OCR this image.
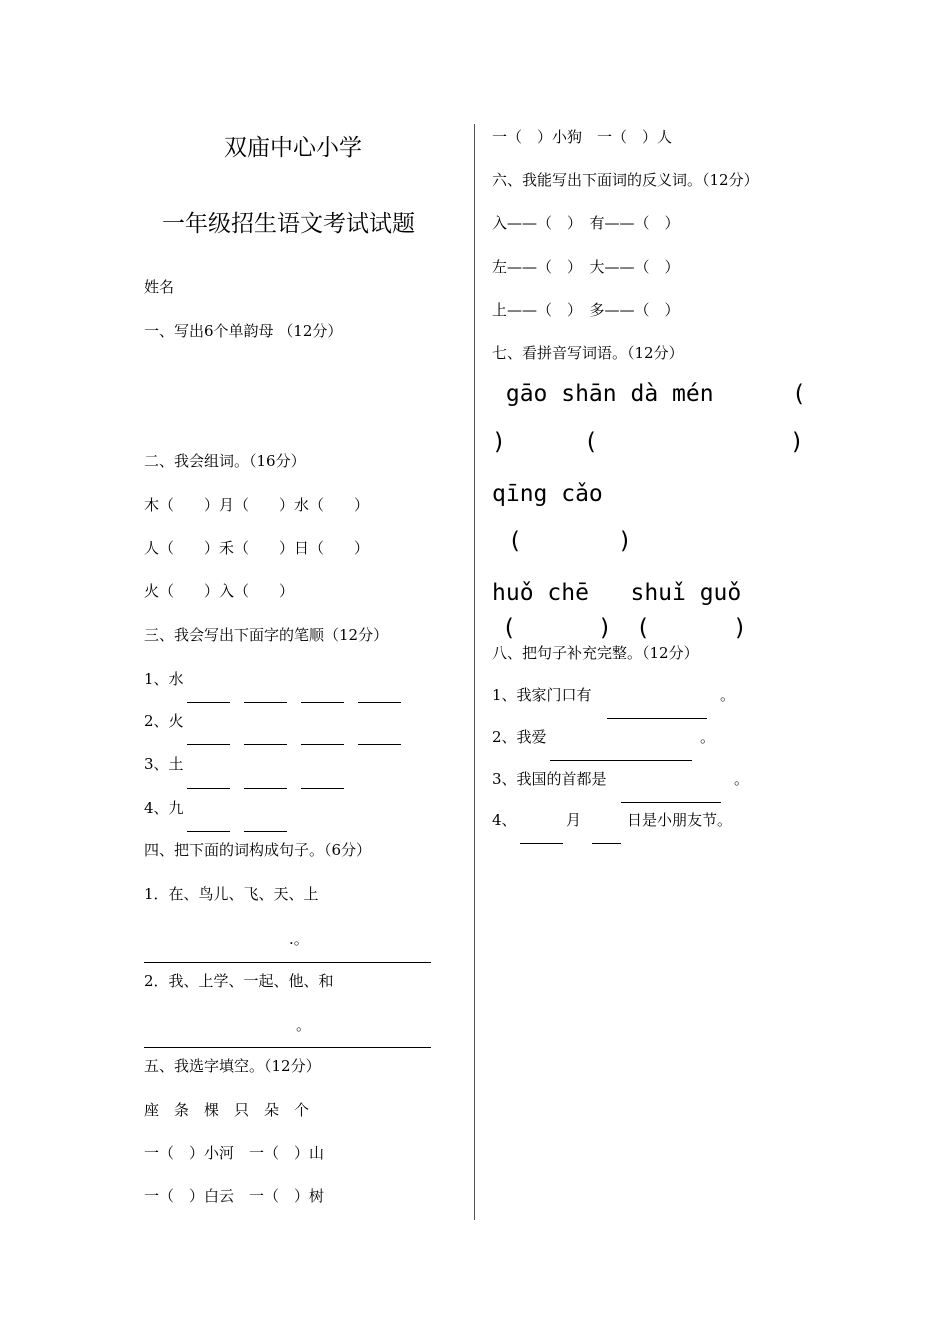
双庙中心小学
一年级招生语文考试试题
姓名
一、写出6个单韵母 （12分）
二、我会组词。（16分）
木（　　）月（　　）水（　　）
人（　　）禾（　　）日（　　）
火（　　）入（　　）
三、我会写出下面字的笔顺（12分）
1、水
2、火
3、土
4、九
四、把下面的词构成句子。（6分）
1．在、鸟儿、飞、天、上
.。
2．我、上学、一起、他、和
。
五、我选字填空。（12分）
座　条　棵　只　朵　个
一（　）小河　一（　）山
一（　）白云　一（　）树
一（　）小狗　一（　）人
六、我能写出下面词的反义词。（12分）
入——（　）　有——（　）
左——（　）　大——（　）
上——（　）　多——（　）
七、看拼音写词语。（12分）
gāo shān dà mén	(
)	(	)
qīng cǎo
(	)
huǒ chē   shuǐ guǒ
(	) (	)
八、把句子补充完整。（12分）
1、我家门口有	。
2、我爱	。
3、我国的首都是	。
4、	月	日是小朋友节。
